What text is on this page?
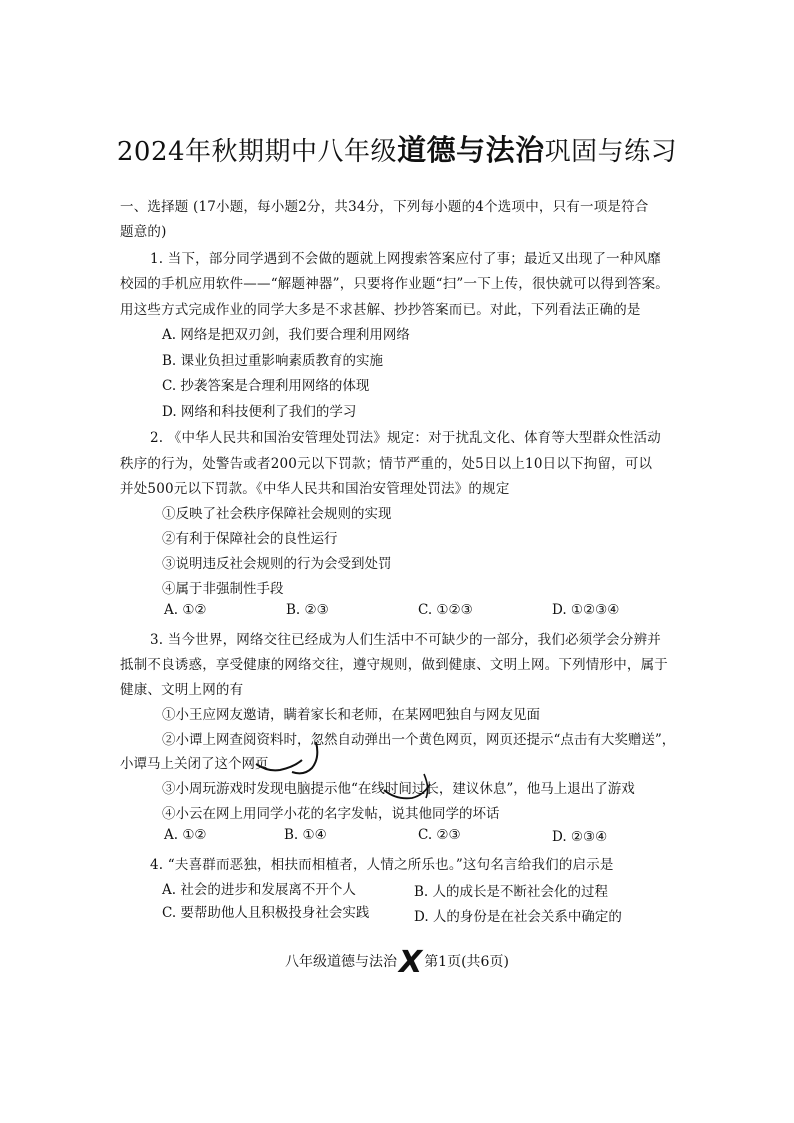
2024年秋期期中八年级道德与法治巩固与练习
一、选择题 (17小题，每小题2分，共34分，下列每小题的4个选项中，只有一项是符合
题意的)
1. 当下，部分同学遇到不会做的题就上网搜索答案应付了事；最近又出现了一种风靡
校园的手机应用软件——“解题神器”，只要将作业题“扫”一下上传，很快就可以得到答案。
用这些方式完成作业的同学大多是不求甚解、抄抄答案而已。对此，下列看法正确的是
A. 网络是把双刃剑，我们要合理利用网络
B. 课业负担过重影响素质教育的实施
C. 抄袭答案是合理利用网络的体现
D. 网络和科技便利了我们的学习
2. 《中华人民共和国治安管理处罚法》规定：对于扰乱文化、体育等大型群众性活动
秩序的行为，处警告或者200元以下罚款；情节严重的，处5日以上10日以下拘留，可以
并处500元以下罚款。《中华人民共和国治安管理处罚法》的规定
①反映了社会秩序保障社会规则的实现
②有利于保障社会的良性运行
③说明违反社会规则的行为会受到处罚
④属于非强制性手段
A. ①②	B. ②③	C. ①②③	D. ①②③④
3. 当今世界，网络交往已经成为人们生活中不可缺少的一部分，我们必须学会分辨并
抵制不良诱惑，享受健康的网络交往，遵守规则，做到健康、文明上网。下列情形中，属于
健康、文明上网的有
①小王应网友邀请，瞒着家长和老师，在某网吧独自与网友见面
②小谭上网查阅资料时，忽然自动弹出一个黄色网页，网页还提示“点击有大奖赠送”，
小谭马上关闭了这个网页
③小周玩游戏时发现电脑提示他“在线时间过长，建议休息”，他马上退出了游戏
④小云在网上用同学小花的名字发帖，说其他同学的坏话
A. ①②	B. ①④	C. ②③	D. ②③④
4. “夫喜群而恶独，相扶而相植者，人情之所乐也。”这句名言给我们的启示是
A. 社会的进步和发展离不开个人	B. 人的成长是不断社会化的过程
C. 要帮助他人且积极投身社会实践	D. 人的身份是在社会关系中确定的
八年级道德与法治X 第1页(共6页)
